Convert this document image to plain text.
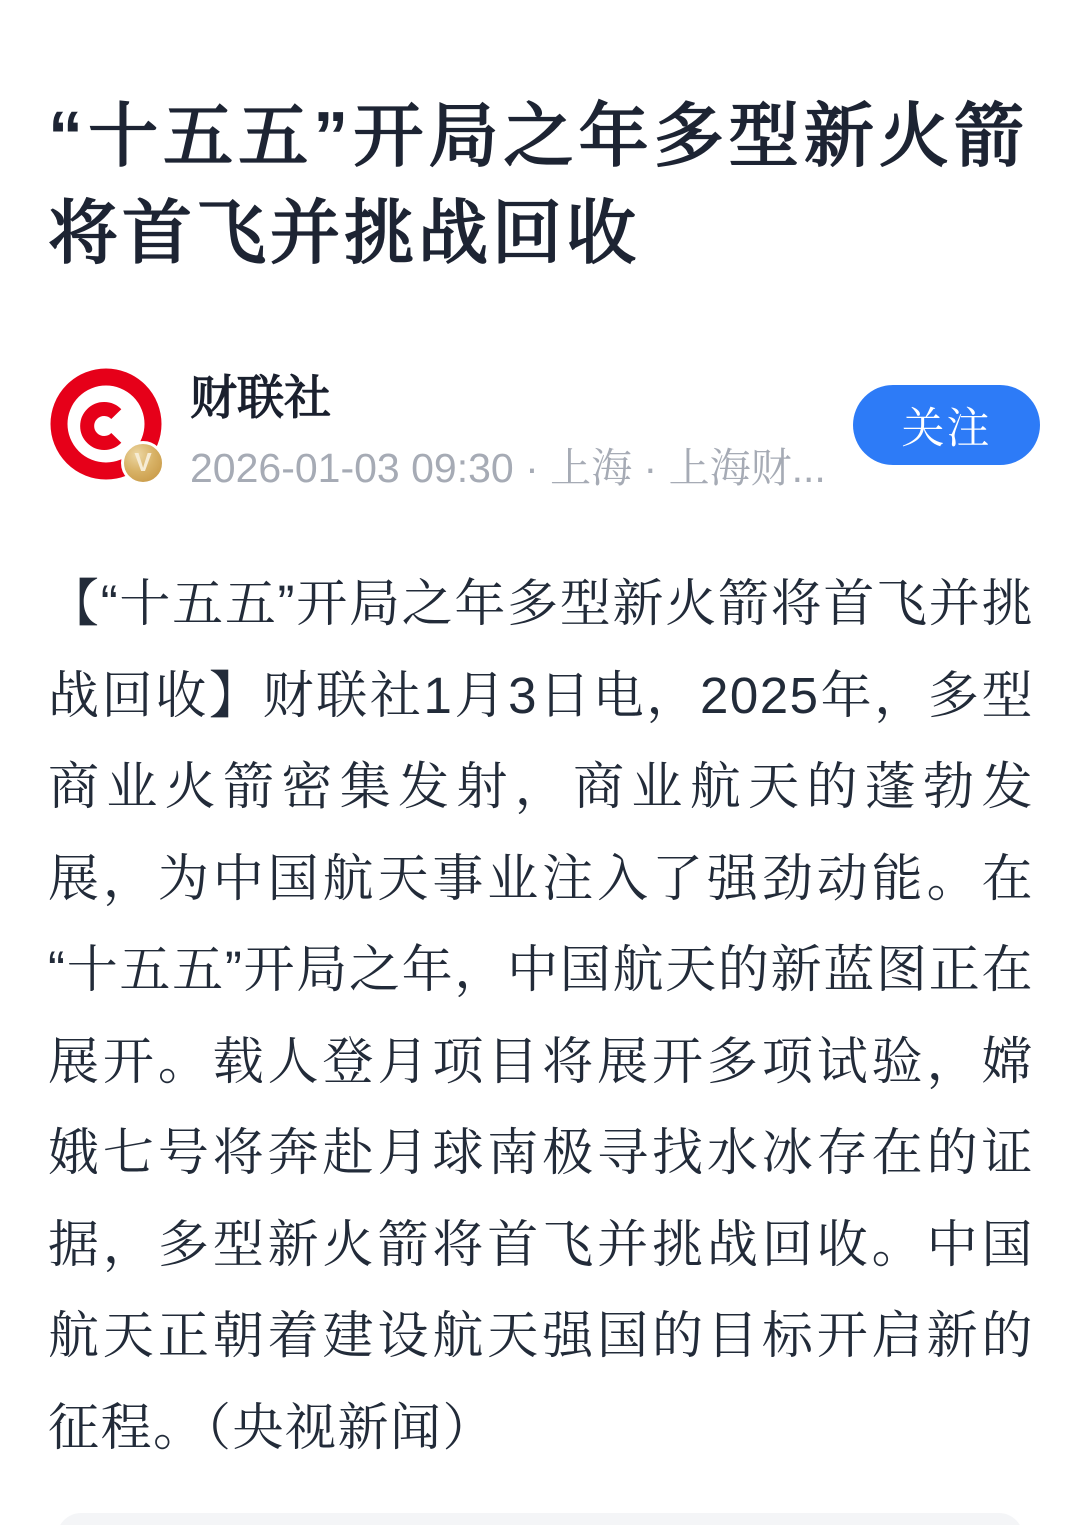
“十五五”开局之年多型新火箭将首飞并挑战回收
V
财联社
2026-01-03 09:30 · 上海 · 上海财...
关注

【“十五五”开局之年多型新火箭将首飞并挑战回收】财联社1月3日电，2025年，多型商业火箭密集发射，商业航天的蓬勃发展，为中国航天事业注入了强劲动能。在“十五五”开局之年，中国航天的新蓝图正在展开。载人登月项目将展开多项试验，嫦娥七号将奔赴月球南极寻找水冰存在的证据，多型新火箭将首飞并挑战回收。中国航天正朝着建设航天强国的目标开启新的征程。（央视新闻）
